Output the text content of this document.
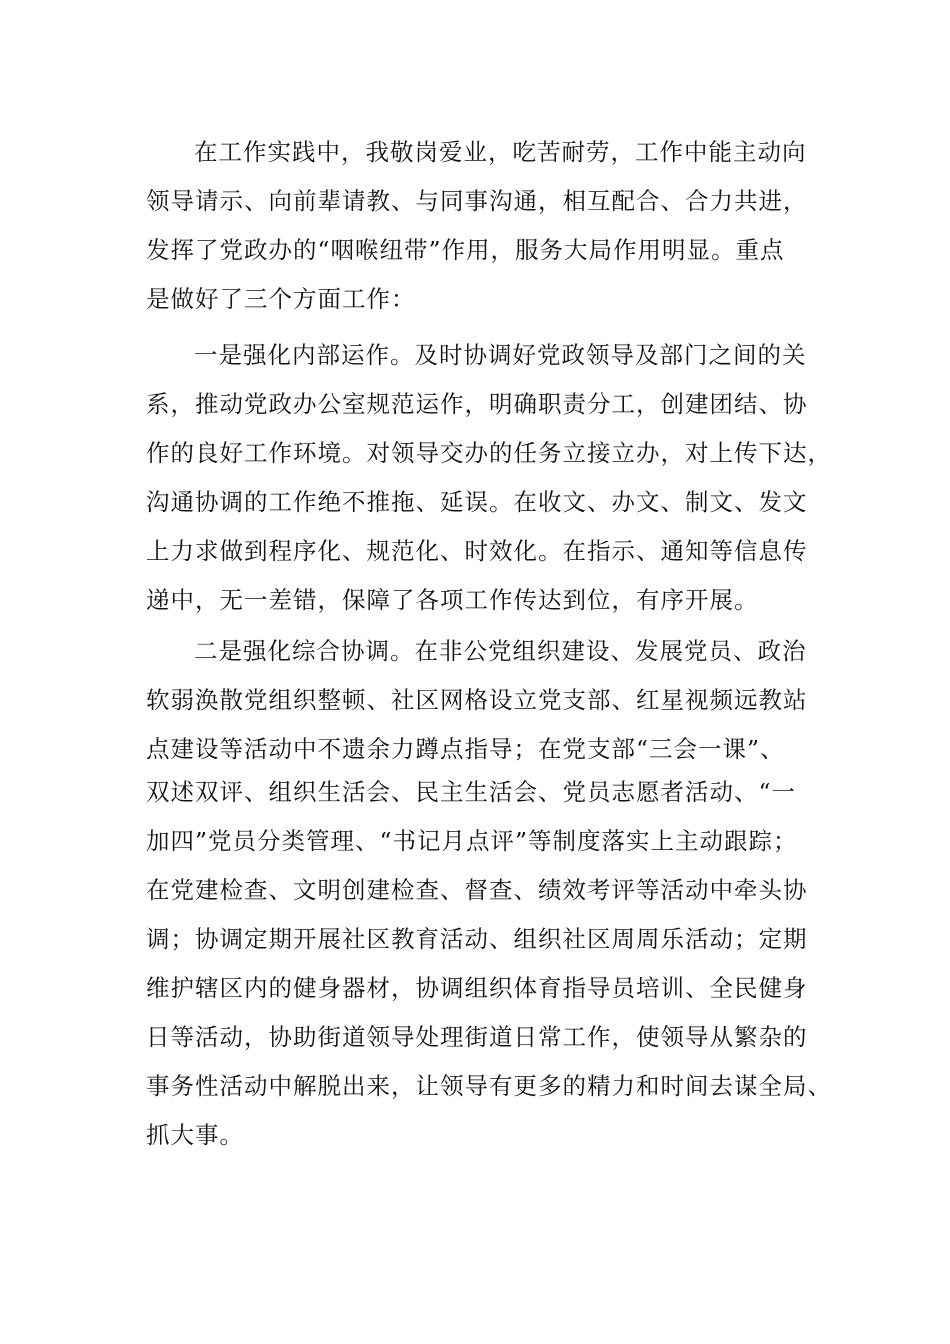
在工作实践中，我敬岗爱业，吃苦耐劳，工作中能主动向
领导请示、向前辈请教、与同事沟通，相互配合、合力共进，
发挥了党政办的“咽喉纽带”作用，服务大局作用明显。重点
是做好了三个方面工作：
一是强化内部运作。及时协调好党政领导及部门之间的关
系，推动党政办公室规范运作，明确职责分工，创建团结、协
作的良好工作环境。对领导交办的任务立接立办，对上传下达，
沟通协调的工作绝不推拖、延误。在收文、办文、制文、发文
上力求做到程序化、规范化、时效化。在指示、通知等信息传
递中，无一差错，保障了各项工作传达到位，有序开展。
二是强化综合协调。在非公党组织建设、发展党员、政治
软弱涣散党组织整顿、社区网格设立党支部、红星视频远教站
点建设等活动中不遗余力蹲点指导；在党支部“三会一课”、
双述双评、组织生活会、民主生活会、党员志愿者活动、“一
加四”党员分类管理、“书记月点评”等制度落实上主动跟踪；
在党建检查、文明创建检查、督查、绩效考评等活动中牵头协
调；协调定期开展社区教育活动、组织社区周周乐活动；定期
维护辖区内的健身器材，协调组织体育指导员培训、全民健身
日等活动，协助街道领导处理街道日常工作，使领导从繁杂的
事务性活动中解脱出来，让领导有更多的精力和时间去谋全局、
抓大事。
